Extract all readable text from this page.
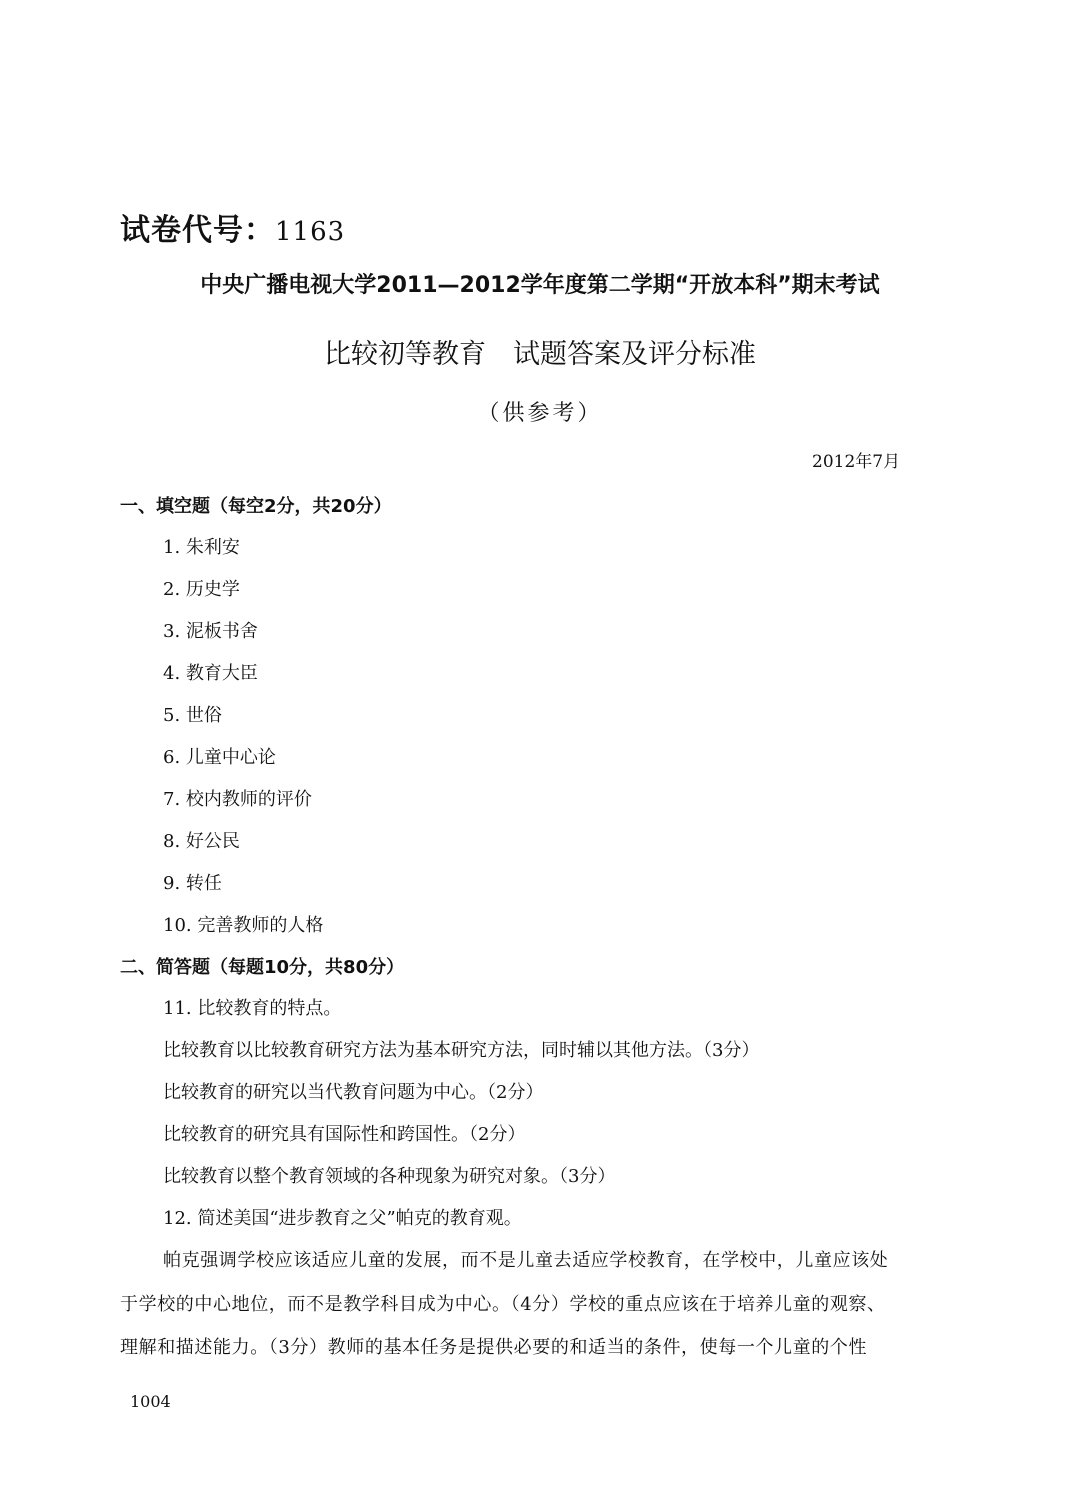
试卷代号：1163
中央广播电视大学2011—2012学年度第二学期“开放本科”期末考试
比较初等教育　试题答案及评分标准
（供参考）
2012年7月
一、填空题（每空2分，共20分）
1. 朱利安
2. 历史学
3. 泥板书舍
4. 教育大臣
5. 世俗
6. 儿童中心论
7. 校内教师的评价
8. 好公民
9. 转任
10. 完善教师的人格
二、简答题（每题10分，共80分）
11. 比较教育的特点。
比较教育以比较教育研究方法为基本研究方法，同时辅以其他方法。（3分）
比较教育的研究以当代教育问题为中心。（2分）
比较教育的研究具有国际性和跨国性。（2分）
比较教育以整个教育领域的各种现象为研究对象。（3分）
12. 简述美国“进步教育之父”帕克的教育观。
帕克强调学校应该适应儿童的发展，而不是儿童去适应学校教育，在学校中，儿童应该处
于学校的中心地位，而不是教学科目成为中心。（4分）学校的重点应该在于培养儿童的观察、
理解和描述能力。（3分）教师的基本任务是提供必要的和适当的条件，使每一个儿童的个性
1004
